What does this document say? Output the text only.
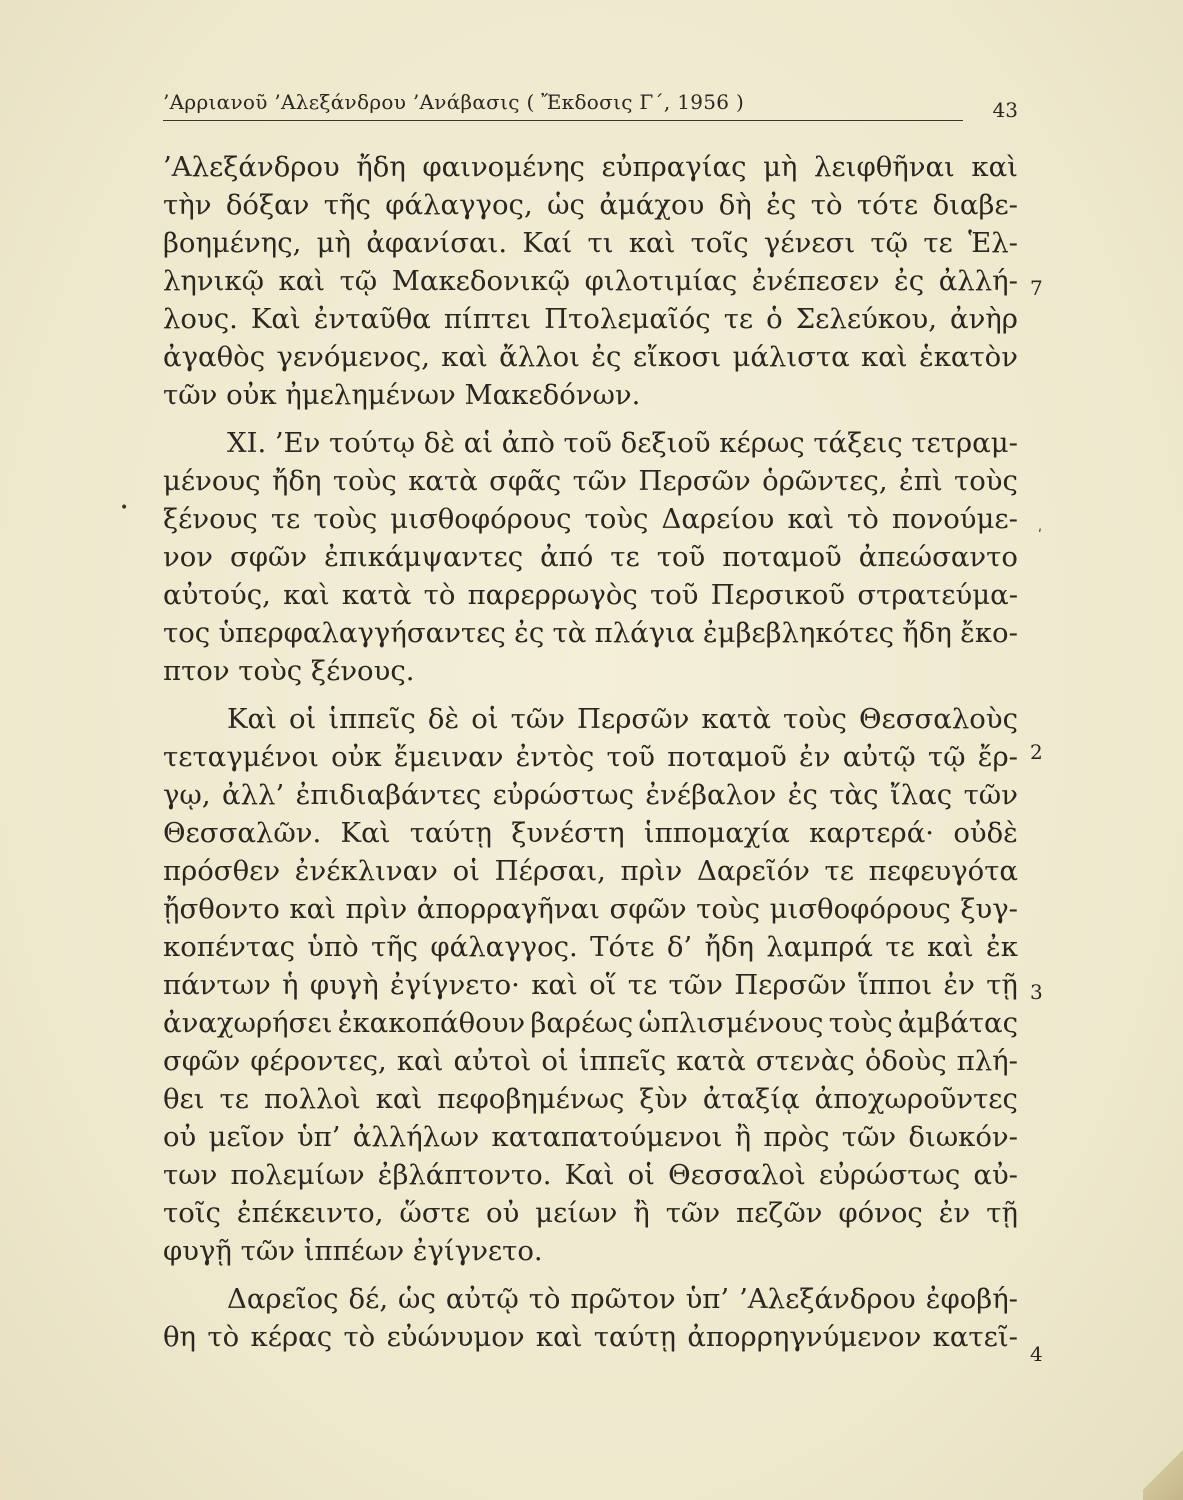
’Αρριανοῦ ’Αλεξάνδρου ’Ανάβασις ( Ἔκδοσις Γ΄, 1956 )	43
’Αλεξάνδρου ἤδη φαινομένης εὐπραγίας μὴ λειφθῆναι καὶ
τὴν δόξαν τῆς φάλαγγος, ὡς ἀμάχου δὴ ἐς τὸ τότε διαβε-
βοημένης, μὴ ἀφανίσαι. Καί τι καὶ τοῖς γένεσι τῷ τε Ἑλ-
ληνικῷ καὶ τῷ Μακεδονικῷ φιλοτιμίας ἐνέπεσεν ἐς ἀλλή-
λους. Καὶ ἐνταῦθα πίπτει Πτολεμαῖός τε ὁ Σελεύκου, ἀνὴρ
ἀγαθὸς γενόμενος, καὶ ἄλλοι ἐς εἴκοσι μάλιστα καὶ ἑκατὸν
τῶν οὐκ ἠμελημένων Μακεδόνων.
XI. ’Εν τούτῳ δὲ αἱ ἀπὸ τοῦ δεξιοῦ κέρως τάξεις τετραμ-
μένους ἤδη τοὺς κατὰ σφᾶς τῶν Περσῶν ὁρῶντες, ἐπὶ τοὺς
ξένους τε τοὺς μισθοφόρους τοὺς Δαρείου καὶ τὸ πονούμε-
νον σφῶν ἐπικάμψαντες ἀπό τε τοῦ ποταμοῦ ἀπεώσαντο
αὐτούς, καὶ κατὰ τὸ παρερρωγὸς τοῦ Περσικοῦ στρατεύμα-
τος ὑπερφαλαγγήσαντες ἐς τὰ πλάγια ἐμβεβληκότες ἤδη ἔκο-
πτον τοὺς ξένους.
Καὶ οἱ ἱππεῖς δὲ οἱ τῶν Περσῶν κατὰ τοὺς Θεσσαλοὺς
τεταγμένοι οὐκ ἔμειναν ἐντὸς τοῦ ποταμοῦ ἐν αὐτῷ τῷ ἔρ-
γῳ, ἀλλ’ ἐπιδιαβάντες εὐρώστως ἐνέβαλον ἐς τὰς ἴλας τῶν
Θεσσαλῶν. Καὶ ταύτῃ ξυνέστη ἱππομαχία καρτερά· οὐδὲ
πρόσθεν ἐνέκλιναν οἱ Πέρσαι, πρὶν Δαρεῖόν τε πεφευγότα
ᾔσθοντο καὶ πρὶν ἀπορραγῆναι σφῶν τοὺς μισθοφόρους ξυγ-
κοπέντας ὑπὸ τῆς φάλαγγος. Τότε δ’ ἤδη λαμπρά τε καὶ ἐκ
πάντων ἡ φυγὴ ἐγίγνετο· καὶ οἵ τε τῶν Περσῶν ἵπποι ἐν τῇ
ἀναχωρήσει ἐκακοπάθουν βαρέως ὡπλισμένους τοὺς ἀμβάτας
σφῶν φέροντες, καὶ αὐτοὶ οἱ ἱππεῖς κατὰ στενὰς ὁδοὺς πλή-
θει τε πολλοὶ καὶ πεφοβημένως ξὺν ἀταξίᾳ ἀποχωροῦντες
οὐ μεῖον ὑπ’ ἀλλήλων καταπατούμενοι ἢ πρὸς τῶν διωκόν-
των πολεμίων ἐβλάπτοντο. Καὶ οἱ Θεσσαλοὶ εὐρώστως αὐ-
τοῖς ἐπέκειντο, ὥστε οὐ μείων ἢ τῶν πεζῶν φόνος ἐν τῇ
φυγῇ τῶν ἱππέων ἐγίγνετο.
Δαρεῖος δέ, ὡς αὐτῷ τὸ πρῶτον ὑπ’ ’Αλεξάνδρου ἐφοβή-
θη τὸ κέρας τὸ εὐώνυμον καὶ ταύτῃ ἀπορρηγνύμενον κατεῖ-
7
2
3
4
•
ʹ
